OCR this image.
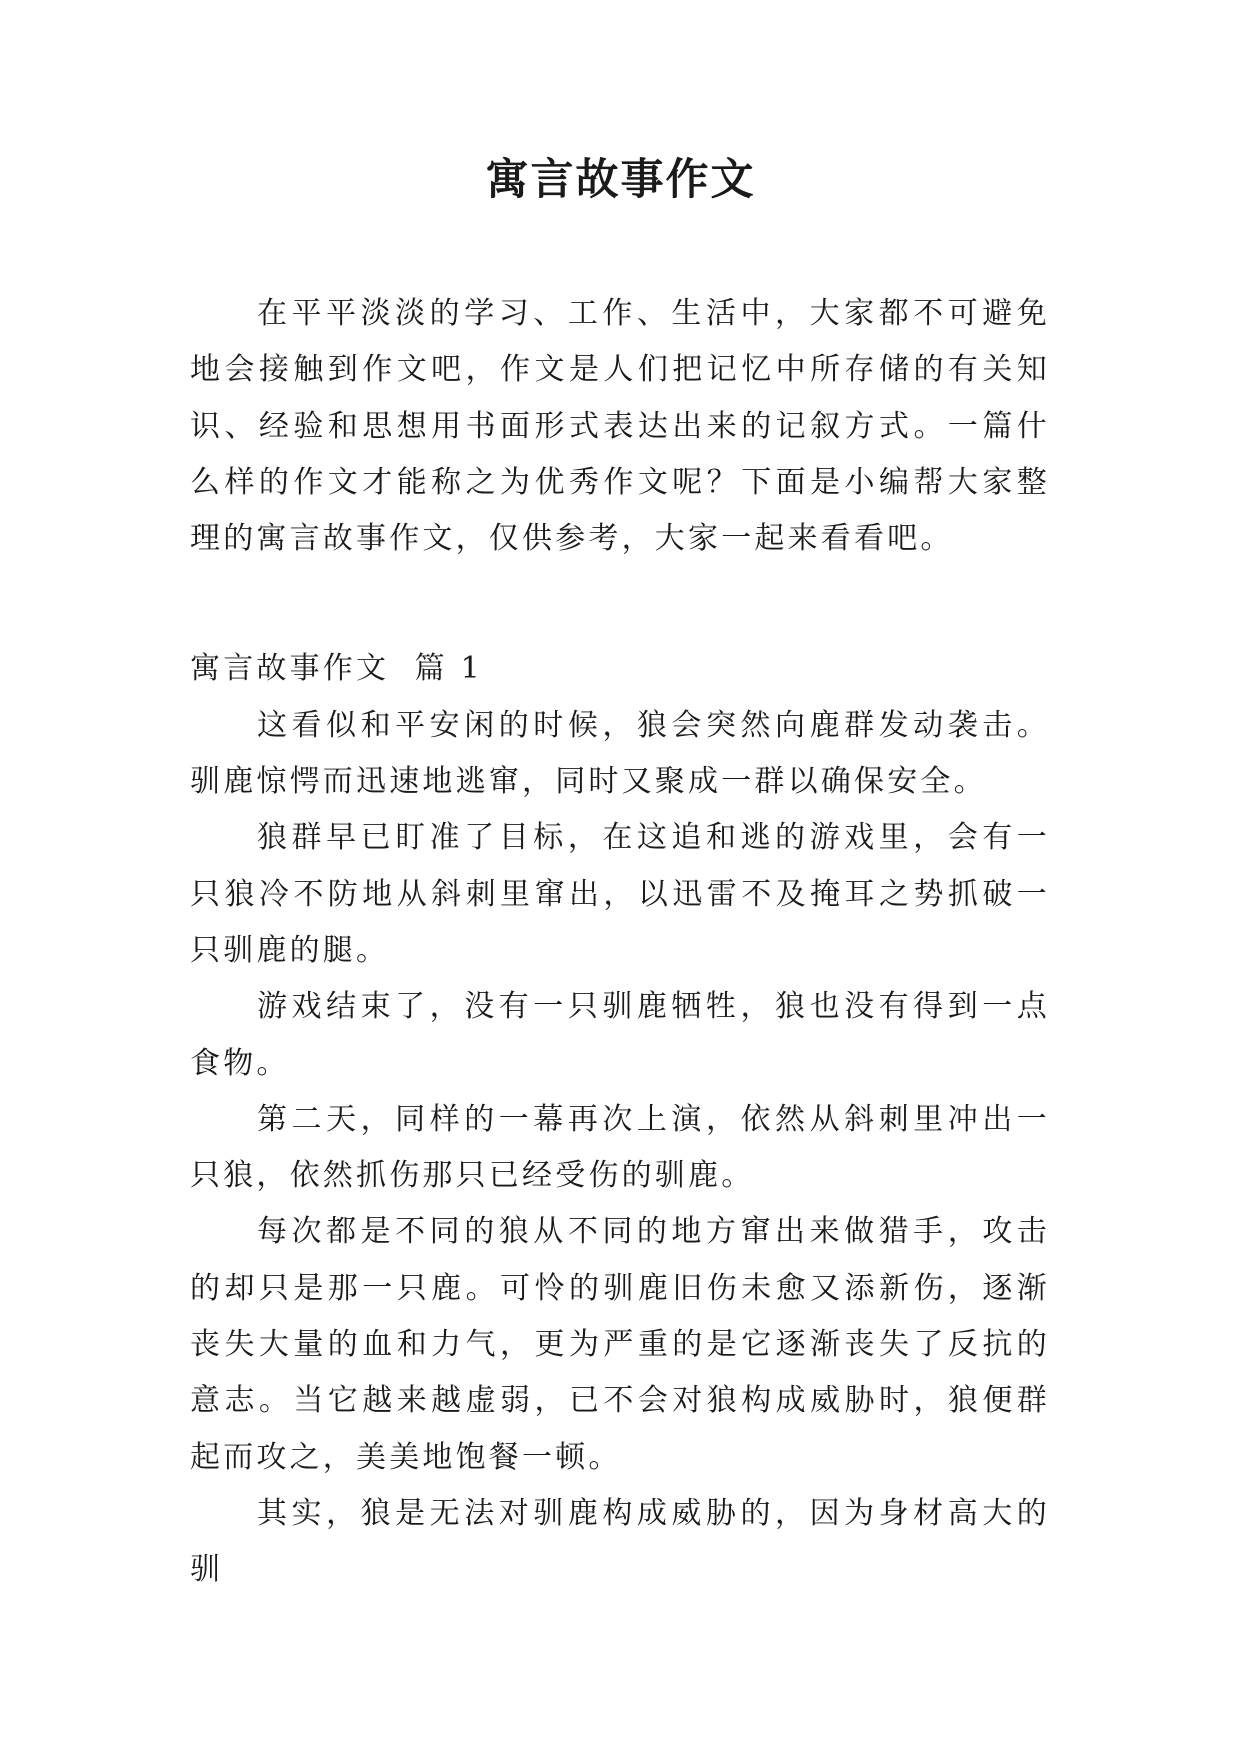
寓言故事作文

在平平淡淡的学习、工作、生活中，大家都不可避免地会接触到作文吧，作文是人们把记忆中所存储的有关知识、经验和思想用书面形式表达出来的记叙方式。一篇什么样的作文才能称之为优秀作文呢？下面是小编帮大家整理的寓言故事作文，仅供参考，大家一起来看看吧。

寓言故事作文  篇 1

这看似和平安闲的时候，狼会突然向鹿群发动袭击。驯鹿惊愕而迅速地逃窜，同时又聚成一群以确保安全。

狼群早已盯准了目标，在这追和逃的游戏里，会有一只狼冷不防地从斜刺里窜出，以迅雷不及掩耳之势抓破一只驯鹿的腿。

游戏结束了，没有一只驯鹿牺牲，狼也没有得到一点食物。

第二天，同样的一幕再次上演，依然从斜刺里冲出一只狼，依然抓伤那只已经受伤的驯鹿。

每次都是不同的狼从不同的地方窜出来做猎手，攻击的却只是那一只鹿。可怜的驯鹿旧伤未愈又添新伤，逐渐丧失大量的血和力气，更为严重的是它逐渐丧失了反抗的意志。当它越来越虚弱，已不会对狼构成威胁时，狼便群起而攻之，美美地饱餐一顿。

其实，狼是无法对驯鹿构成威胁的，因为身材高大的驯
